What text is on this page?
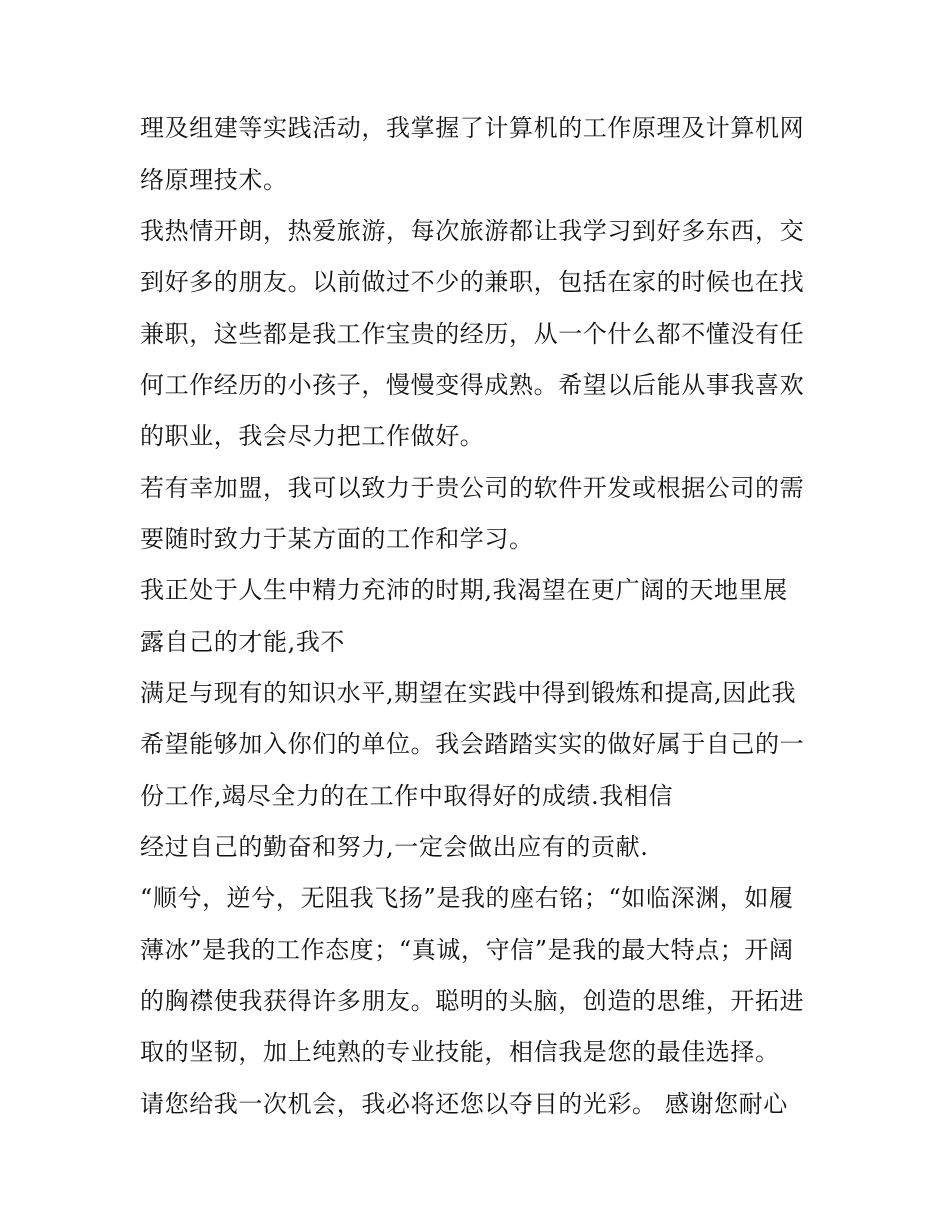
理及组建等实践活动，我掌握了计算机的工作原理及计算机网
络原理技术。
我热情开朗，热爱旅游，每次旅游都让我学习到好多东西，交
到好多的朋友。以前做过不少的兼职，包括在家的时候也在找
兼职，这些都是我工作宝贵的经历，从一个什么都不懂没有任
何工作经历的小孩子，慢慢变得成熟。希望以后能从事我喜欢
的职业，我会尽力把工作做好。
若有幸加盟，我可以致力于贵公司的软件开发或根据公司的需
要随时致力于某方面的工作和学习。
我正处于人生中精力充沛的时期,我渴望在更广阔的天地里展
露自己的才能,我不
满足与现有的知识水平,期望在实践中得到锻炼和提高,因此我
希望能够加入你们的单位。我会踏踏实实的做好属于自己的一
份工作,竭尽全力的在工作中取得好的成绩.我相信
经过自己的勤奋和努力,一定会做出应有的贡献.
“顺兮，逆兮，无阻我飞扬”是我的座右铭；“如临深渊，如履
薄冰”是我的工作态度；“真诚，守信”是我的最大特点；开阔
的胸襟使我获得许多朋友。聪明的头脑，创造的思维，开拓进
取的坚韧，加上纯熟的专业技能，相信我是您的最佳选择。
请您给我一次机会，我必将还您以夺目的光彩。 感谢您耐心
